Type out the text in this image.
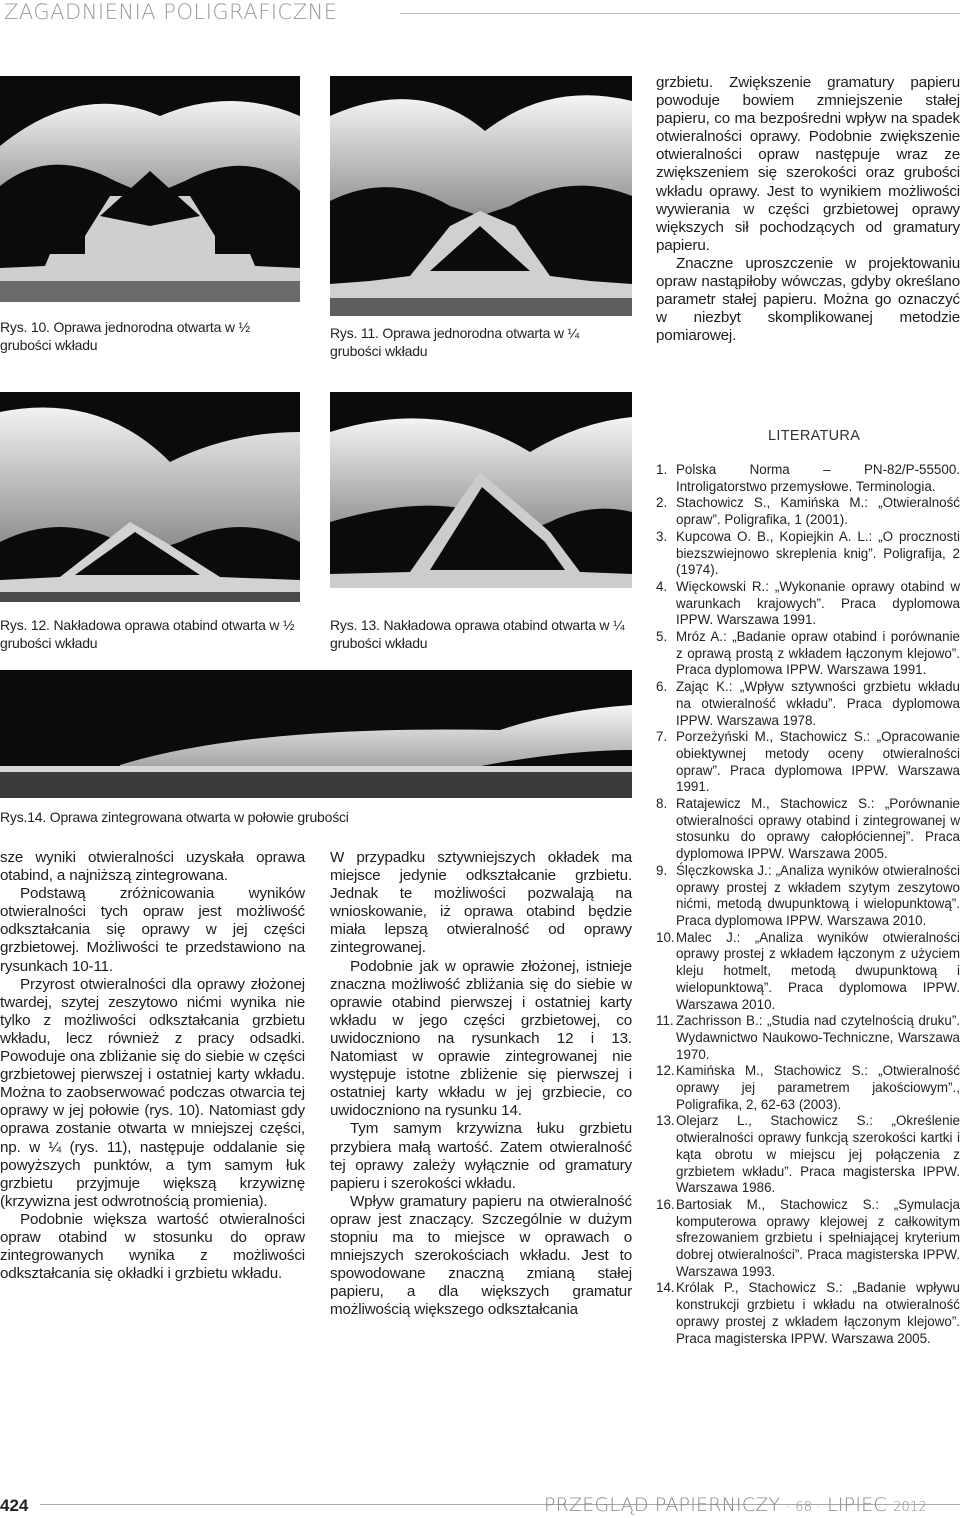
ZAGADNIENIA POLIGRAFICZNE
Rys. 10. Oprawa jednorodna otwarta w ½ grubości wkładu
Rys. 11. Oprawa jednorodna otwarta w ¼ grubości wkładu

grzbietu. Zwiększenie gramatury papieru powoduje bowiem zmniejszenie stałej papieru, co ma bezpośredni wpływ na spadek otwieralności oprawy. Podobnie zwiększenie otwieralności opraw następuje wraz ze zwiększeniem się szerokości oraz grubości wkładu oprawy. Jest to wynikiem możliwości wywierania w części grzbietowej oprawy większych sił pochodzących od gramatury papieru.

Znaczne uproszczenie w projektowaniu opraw nastąpiłoby wówczas, gdyby określano parametr stałej papieru. Można go oznaczyć w niezbyt skomplikowanej metodzie pomiarowej.

Rys. 12. Nakładowa oprawa otabind otwarta w ½ grubości wkładu
Rys. 13. Nakładowa oprawa otabind otwarta w ¼ grubości wkładu
LITERATURA
1. Polska Norma – PN-82/P-55500. Introligatorstwo przemysłowe. Terminologia.
2. Stachowicz S., Kamińska M.: „Otwieralność opraw”. Poligrafika, 1 (2001).
3. Kupcowa O. B., Kopiejkin A. L.: „O procznosti biezszwiejnowo skreplenia knig”. Poligrafija, 2 (1974).
4. Więckowski R.: „Wykonanie oprawy otabind w warunkach krajowych”. Praca dyplomowa IPPW. Warszawa 1991.
5. Mróz A.: „Badanie opraw otabind i porównanie z oprawą prostą z wkładem łączonym klejowo”. Praca dyplomowa IPPW. Warszawa 1991.
6. Zając K.: „Wpływ sztywności grzbietu wkładu na otwieralność wkładu”. Praca dyplomowa IPPW. Warszawa 1978.
7. Porzeżyński M., Stachowicz S.: „Opracowanie obiektywnej metody oceny otwieralności opraw”. Praca dyplomowa IPPW. Warszawa 1991.
8. Ratajewicz M., Stachowicz S.: „Porównanie otwieralności oprawy otabind i zintegrowanej w stosunku do oprawy całopłóciennej”. Praca dyplomowa IPPW. Warszawa 2005.
9. Ślęczkowska J.: „Analiza wyników otwieralności oprawy prostej z wkładem szytym zeszytowo nićmi, metodą dwupunktową i wielopunktową”. Praca dyplomowa IPPW. Warszawa 2010.
10. Malec J.: „Analiza wyników otwieralności oprawy prostej z wkładem łączonym z użyciem kleju hotmelt, metodą dwupunktową i wielopunktową”. Praca dyplomowa IPPW. Warszawa 2010.
11. Zachrisson B.: „Studia nad czytelnością druku”. Wydawnictwo Naukowo-Techniczne, Warszawa 1970.
12. Kamińska M., Stachowicz S.: „Otwieralność oprawy jej parametrem jakościowym”., Poligrafika, 2, 62-63 (2003).
13. Olejarz L., Stachowicz S.: „Określenie otwieralności oprawy funkcją szerokości kartki i kąta obrotu w miejscu jej połączenia z grzbietem wkładu”. Praca magisterska IPPW. Warszawa 1986.
16. Bartosiak M., Stachowicz S.: „Symulacja komputerowa oprawy klejowej z całkowitym sfrezowaniem grzbietu i spełniającej kryterium dobrej otwieralności”. Praca magisterska IPPW. Warszawa 1993.
14. Królak P., Stachowicz S.: „Badanie wpływu konstrukcji grzbietu i wkładu na otwieralność oprawy prostej z wkładem łączonym klejowo”. Praca magisterska IPPW. Warszawa 2005.
Rys.14. Oprawa zintegrowana otwarta w połowie grubości

sze wyniki otwieralności uzyskała oprawa otabind, a najniższą zintegrowana.

Podstawą zróżnicowania wyników otwieralności tych opraw jest możliwość odkształcania się oprawy w jej części grzbietowej. Możliwości te przedstawiono na rysunkach 10-11.

Przyrost otwieralności dla oprawy złożonej twardej, szytej zeszytowo nićmi wynika nie tylko z możliwości odkształcania grzbietu wkładu, lecz również z pracy odsadki. Powoduje ona zbliżanie się do siebie w części grzbietowej pierwszej i ostatniej karty wkładu. Można to zaobserwować podczas otwarcia tej oprawy w jej połowie (rys. 10). Natomiast gdy oprawa zostanie otwarta w mniejszej części, np. w ¼ (rys. 11), następuje oddalanie się powyższych punktów, a tym samym łuk grzbietu przyjmuje większą krzywiznę (krzywizna jest odwrotnością promienia).

Podobnie większa wartość otwieralności opraw otabind w stosunku do opraw zintegrowanych wynika z możliwości odkształcania się okładki i grzbietu wkładu.

W przypadku sztywniejszych okładek ma miejsce jedynie odkształcanie grzbietu. Jednak te możliwości pozwalają na wnioskowanie, iż oprawa otabind będzie miała lepszą otwieralność od oprawy zintegrowanej.

Podobnie jak w oprawie złożonej, istnieje znaczna możliwość zbliżania się do siebie w oprawie otabind pierwszej i ostatniej karty wkładu w jego części grzbietowej, co uwidoczniono na rysunkach 12 i 13. Natomiast w oprawie zintegrowanej nie występuje istotne zbliżenie się pierwszej i ostatniej karty wkładu w jej grzbiecie, co uwidoczniono na rysunku 14.

Tym samym krzywizna łuku grzbietu przybiera małą wartość. Zatem otwieralność tej oprawy zależy wyłącznie od gramatury papieru i szerokości wkładu.

Wpływ gramatury papieru na otwieralność opraw jest znaczący. Szczególnie w dużym stopniu ma to miejsce w oprawach o mniejszych szerokościach wkładu. Jest to spowodowane znaczną zmianą stałej papieru, a dla większych gramatur możliwością większego odkształcania

424	PRZEGLĄD PAPIERNICZY · 68 · LIPIEC 2012
